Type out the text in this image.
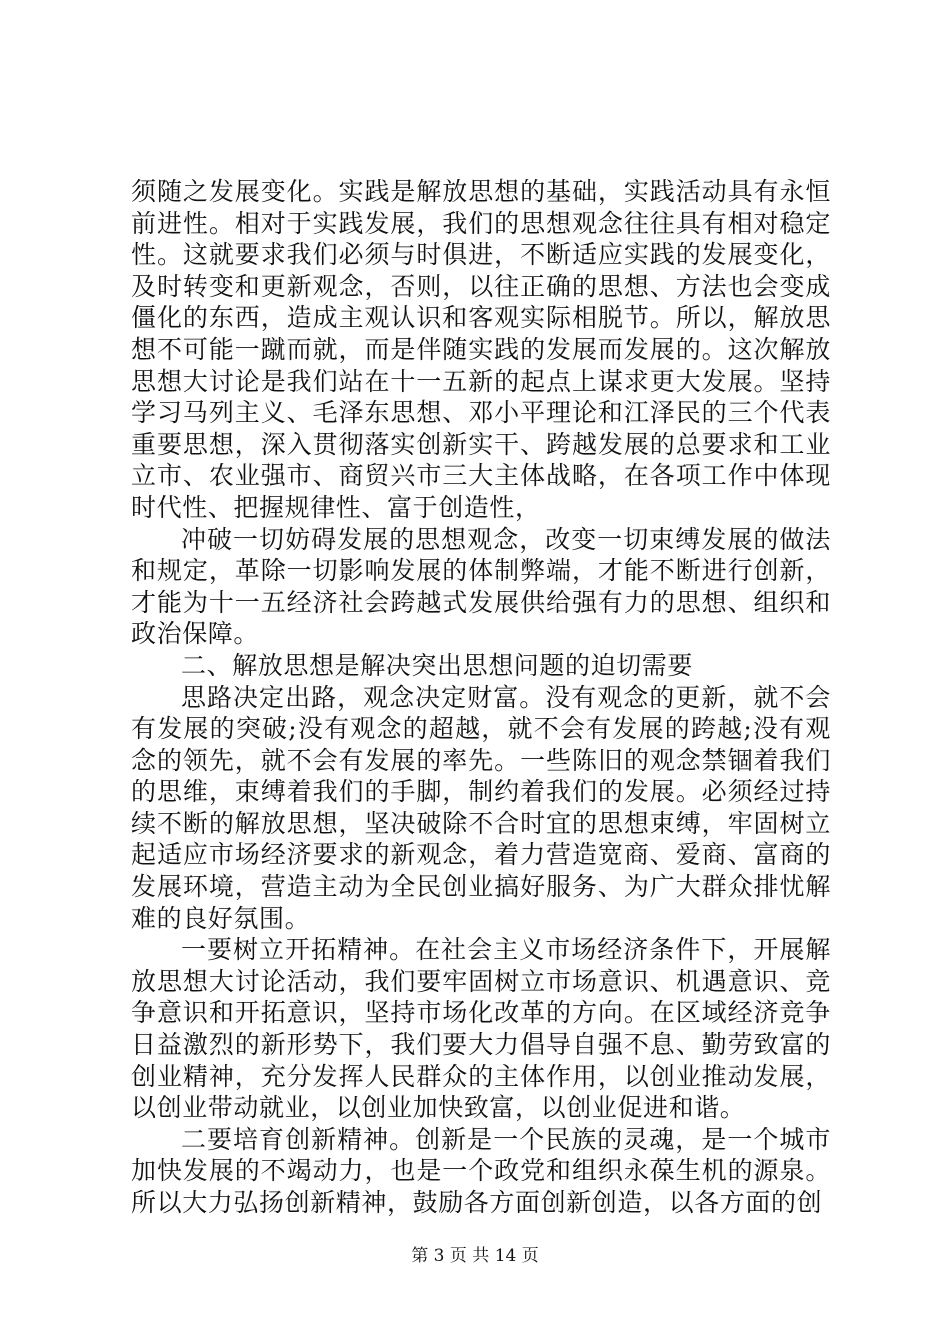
须随之发展变化。实践是解放思想的基础，实践活动具有永恒前进性。相对于实践发展，我们的思想观念往往具有相对稳定性。这就要求我们必须与时俱进，不断适应实践的发展变化，及时转变和更新观念，否则，以往正确的思想、方法也会变成僵化的东西，造成主观认识和客观实际相脱节。所以，解放思想不可能一蹴而就，而是伴随实践的发展而发展的。这次解放思想大讨论是我们站在十一五新的起点上谋求更大发展。坚持学习马列主义、毛泽东思想、邓小平理论和江泽民的三个代表重要思想，深入贯彻落实创新实干、跨越发展的总要求和工业立市、农业强市、商贸兴市三大主体战略，在各项工作中体现时代性、把握规律性、富于创造性，

冲破一切妨碍发展的思想观念，改变一切束缚发展的做法和规定，革除一切影响发展的体制弊端，才能不断进行创新，才能为十一五经济社会跨越式发展供给强有力的思想、组织和政治保障。

二、解放思想是解决突出思想问题的迫切需要

思路决定出路，观念决定财富。没有观念的更新，就不会有发展的突破;没有观念的超越，就不会有发展的跨越;没有观念的领先，就不会有发展的率先。一些陈旧的观念禁锢着我们的思维，束缚着我们的手脚，制约着我们的发展。必须经过持续不断的解放思想，坚决破除不合时宜的思想束缚，牢固树立起适应市场经济要求的新观念，着力营造宽商、爱商、富商的发展环境，营造主动为全民创业搞好服务、为广大群众排忧解难的良好氛围。

一要树立开拓精神。在社会主义市场经济条件下，开展解放思想大讨论活动，我们要牢固树立市场意识、机遇意识、竞争意识和开拓意识，坚持市场化改革的方向。在区域经济竞争日益激烈的新形势下，我们要大力倡导自强不息、勤劳致富的创业精神，充分发挥人民群众的主体作用，以创业推动发展，以创业带动就业，以创业加快致富，以创业促进和谐。

二要培育创新精神。创新是一个民族的灵魂，是一个城市加快发展的不竭动力，也是一个政党和组织永葆生机的源泉。所以大力弘扬创新精神，鼓励各方面创新创造，以各方面的创

第 3 页 共 14 页
